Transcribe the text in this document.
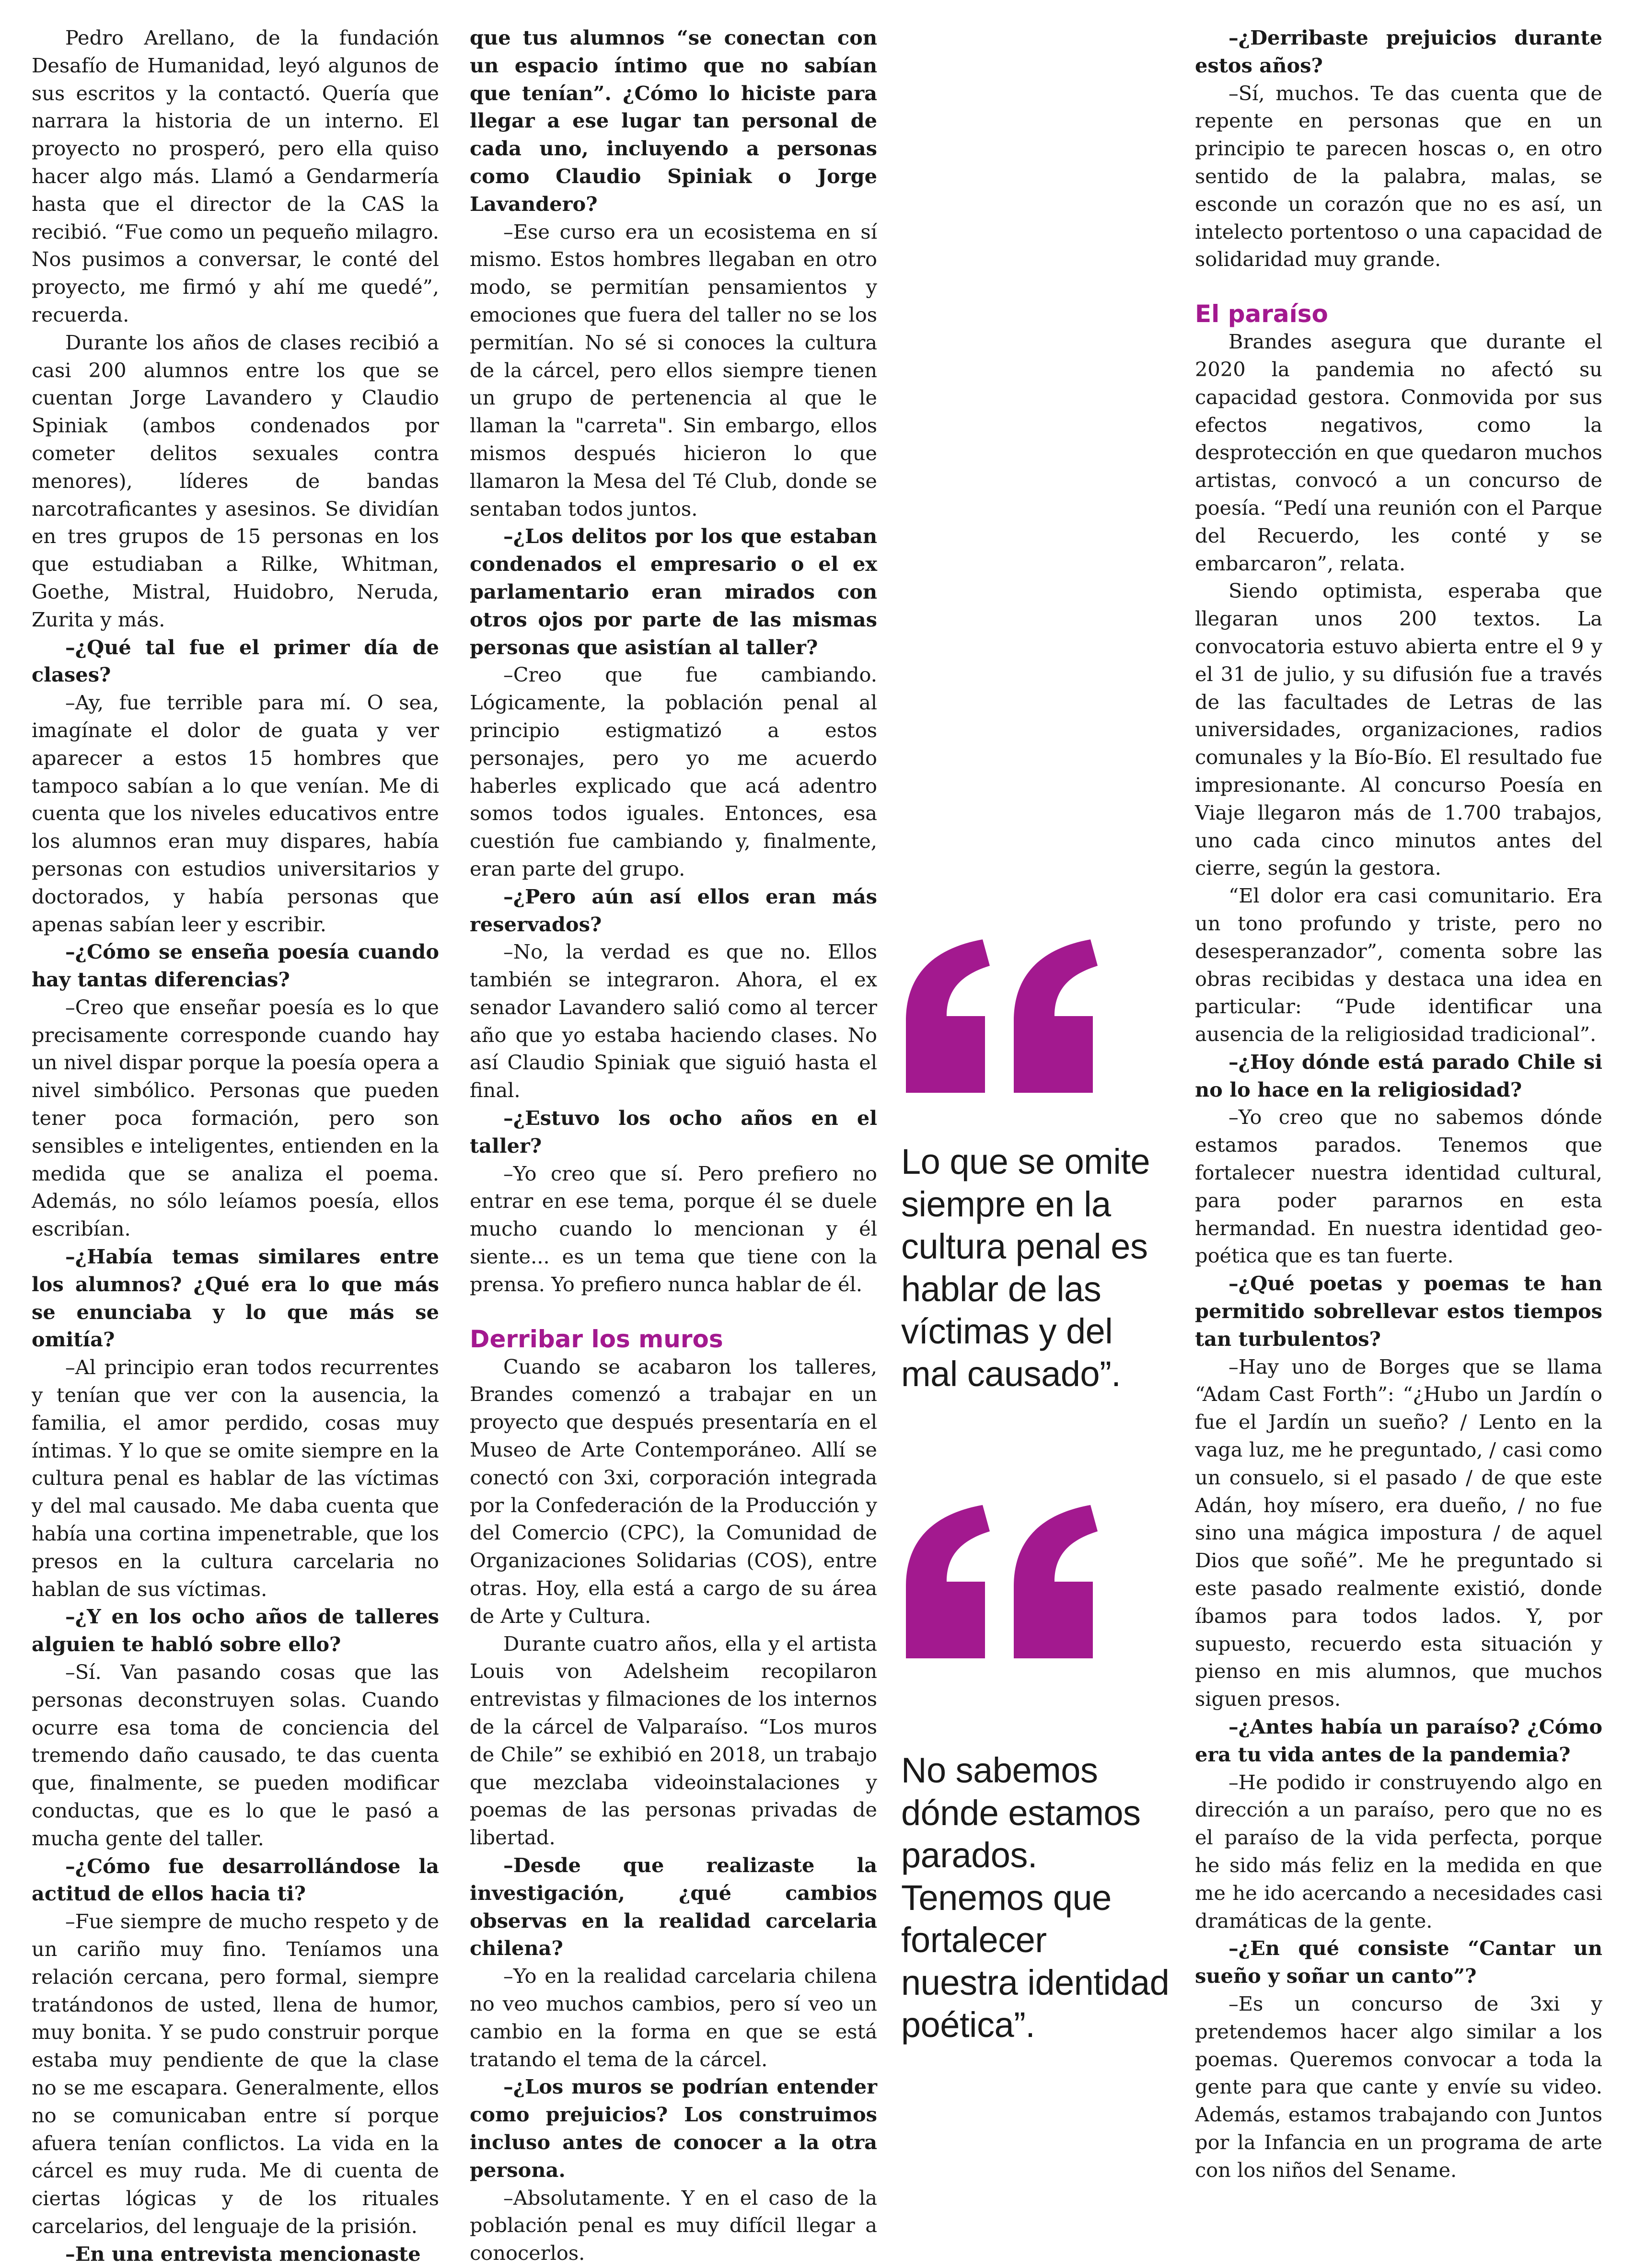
Pedro Arellano, de la fundación Desafío de Humanidad, leyó algunos de sus escritos y la contactó. Quería que narrara la historia de un interno. El proyecto no prosperó, pero ella quiso hacer algo más. Llamó a Gendarmería hasta que el director de la CAS la recibió. “Fue como un pequeño milagro. Nos pusimos a conversar, le conté del proyecto, me firmó y ahí me quedé”, recuerda.

Durante los años de clases recibió a casi 200 alumnos entre los que se cuentan Jorge Lavandero y Claudio Spiniak (ambos condenados por cometer delitos sexuales contra menores), líderes de bandas narcotraficantes y asesinos. Se dividían en tres grupos de 15 personas en los que estudiaban a Rilke, Whitman, Goethe, Mistral, Huidobro, Neruda, Zurita y más.

–¿Qué tal fue el primer día de clases?

–Ay, fue terrible para mí. O sea, imagínate el dolor de guata y ver aparecer a estos 15 hombres que tampoco sabían a lo que venían. Me di cuenta que los niveles educativos entre los alumnos eran muy dispares, había personas con estudios universitarios y doctorados, y había personas que apenas sabían leer y escribir.

–¿Cómo se enseña poesía cuando hay tantas diferencias?

–Creo que enseñar poesía es lo que precisamente corresponde cuando hay un nivel dispar porque la poesía opera a nivel simbólico. Personas que pueden tener poca formación, pero son sensibles e inteligentes, entienden en la medida que se analiza el poema. Además, no sólo leíamos poesía, ellos escribían.

–¿Había temas similares entre los alumnos? ¿Qué era lo que más se enunciaba y lo que más se omitía?

–Al principio eran todos recurrentes y tenían que ver con la ausencia, la familia, el amor perdido, cosas muy íntimas. Y lo que se omite siempre en la cultura penal es hablar de las víctimas y del mal causado. Me daba cuenta que había una cortina impenetrable, que los presos en la cultura carcelaria no hablan de sus víctimas.

–¿Y en los ocho años de talleres alguien te habló sobre ello?

–Sí. Van pasando cosas que las personas deconstruyen solas. Cuando ocurre esa toma de conciencia del tremendo daño causado, te das cuenta que, finalmente, se pueden modificar conductas, que es lo que le pasó a mucha gente del taller.

–¿Cómo fue desarrollándose la actitud de ellos hacia ti?

–Fue siempre de mucho respeto y de un cariño muy fino. Teníamos una relación cercana, pero formal, siempre tratándonos de usted, llena de humor, muy bonita. Y se pudo construir porque estaba muy pendiente de que la clase no se me escapara. Generalmente, ellos no se comunicaban entre sí porque afuera tenían conflictos. La vida en la cárcel es muy ruda. Me di cuenta de ciertas lógicas y de los rituales carcelarios, del lenguaje de la prisión.

–En una entrevista mencionaste

que tus alumnos “se conectan con un espacio íntimo que no sabían que tenían”. ¿Cómo lo hiciste para llegar a ese lugar tan personal de cada uno, incluyendo a personas como Claudio Spiniak o Jorge Lavandero?

–Ese curso era un ecosistema en sí mismo. Estos hombres llegaban en otro modo, se permitían pensamientos y emociones que fuera del taller no se los permitían. No sé si conoces la cultura de la cárcel, pero ellos siempre tienen un grupo de pertenencia al que le llaman la "carreta". Sin embargo, ellos mismos después hicieron lo que llamaron la Mesa del Té Club, donde se sentaban todos juntos.

–¿Los delitos por los que estaban condenados el empresario o el ex parlamentario eran mirados con otros ojos por parte de las mismas personas que asistían al taller?

–Creo que fue cambiando. Lógicamente, la población penal al principio estigmatizó a estos personajes, pero yo me acuerdo haberles explicado que acá adentro somos todos iguales. Entonces, esa cuestión fue cambiando y, finalmente, eran parte del grupo.

–¿Pero aún así ellos eran más reservados?

–No, la verdad es que no. Ellos también se integraron. Ahora, el ex senador Lavandero salió como al tercer año que yo estaba haciendo clases. No así Claudio Spiniak que siguió hasta el final.

–¿Estuvo los ocho años en el taller?

–Yo creo que sí. Pero prefiero no entrar en ese tema, porque él se duele mucho cuando lo mencionan y él siente... es un tema que tiene con la prensa. Yo prefiero nunca hablar de él.

Derribar los muros

Cuando se acabaron los talleres, Brandes comenzó a trabajar en un proyecto que después presentaría en el Museo de Arte Contemporáneo. Allí se conectó con 3xi, corporación integrada por la Confederación de la Producción y del Comercio (CPC), la Comunidad de Organizaciones Solidarias (COS), entre otras. Hoy, ella está a cargo de su área de Arte y Cultura.

Durante cuatro años, ella y el artista Louis von Adelsheim recopilaron entrevistas y filmaciones de los internos de la cárcel de Valparaíso. “Los muros de Chile” se exhibió en 2018, un trabajo que mezclaba videoinstalaciones y poemas de las personas privadas de libertad.

–Desde que realizaste la investigación, ¿qué cambios observas en la realidad carcelaria chilena?

–Yo en la realidad carcelaria chilena no veo muchos cambios, pero sí veo un cambio en la forma en que se está tratando el tema de la cárcel.

–¿Los muros se podrían entender como prejuicios? Los construimos incluso antes de conocer a la otra persona.

–Absolutamente. Y en el caso de la población penal es muy difícil llegar a conocerlos.

Lo que se omite siempre en la cultura penal es hablar de las víctimas y del mal causado”.

No sabemos dónde estamos parados. Tenemos que fortalecer nuestra identidad poética”.

–¿Derribaste prejuicios durante estos años?

–Sí, muchos. Te das cuenta que de repente en personas que en un principio te parecen hoscas o, en otro sentido de la palabra, malas, se esconde un corazón que no es así, un intelecto portentoso o una capacidad de solidaridad muy grande.

El paraíso

Brandes asegura que durante el 2020 la pandemia no afectó su capacidad gestora. Conmovida por sus efectos negativos, como la desprotección en que quedaron muchos artistas, convocó a un concurso de poesía. “Pedí una reunión con el Parque del Recuerdo, les conté y se embarcaron”, relata.

Siendo optimista, esperaba que llegaran unos 200 textos. La convocatoria estuvo abierta entre el 9 y el 31 de julio, y su difusión fue a través de las facultades de Letras de las universidades, organizaciones, radios comunales y la Bío-Bío. El resultado fue impresionante. Al concurso Poesía en Viaje llegaron más de 1.700 trabajos, uno cada cinco minutos antes del cierre, según la gestora.

“El dolor era casi comunitario. Era un tono profundo y triste, pero no desesperanzador”, comenta sobre las obras recibidas y destaca una idea en particular: “Pude identificar una ausencia de la religiosidad tradicional”.

–¿Hoy dónde está parado Chile si no lo hace en la religiosidad?

–Yo creo que no sabemos dónde estamos parados. Tenemos que fortalecer nuestra identidad cultural, para poder pararnos en esta hermandad. En nuestra identidad geo-poética que es tan fuerte.

–¿Qué poetas y poemas te han permitido sobrellevar estos tiempos tan turbulentos?

–Hay uno de Borges que se llama “Adam Cast Forth”: “¿Hubo un Jardín o fue el Jardín un sueño? / Lento en la vaga luz, me he preguntado, / casi como un consuelo, si el pasado / de que este Adán, hoy mísero, era dueño, / no fue sino una mágica impostura / de aquel Dios que soñé”. Me he preguntado si este pasado realmente existió, donde íbamos para todos lados. Y, por supuesto, recuerdo esta situación y pienso en mis alumnos, que muchos siguen presos.

–¿Antes había un paraíso? ¿Cómo era tu vida antes de la pandemia?

–He podido ir construyendo algo en dirección a un paraíso, pero que no es el paraíso de la vida perfecta, porque he sido más feliz en la medida en que me he ido acercando a necesidades casi dramáticas de la gente.

–¿En qué consiste “Cantar un sueño y soñar un canto”?

–Es un concurso de 3xi y pretendemos hacer algo similar a los poemas. Queremos convocar a toda la gente para que cante y envíe su video. Además, estamos trabajando con Juntos por la Infancia en un programa de arte con los niños del Sename.
